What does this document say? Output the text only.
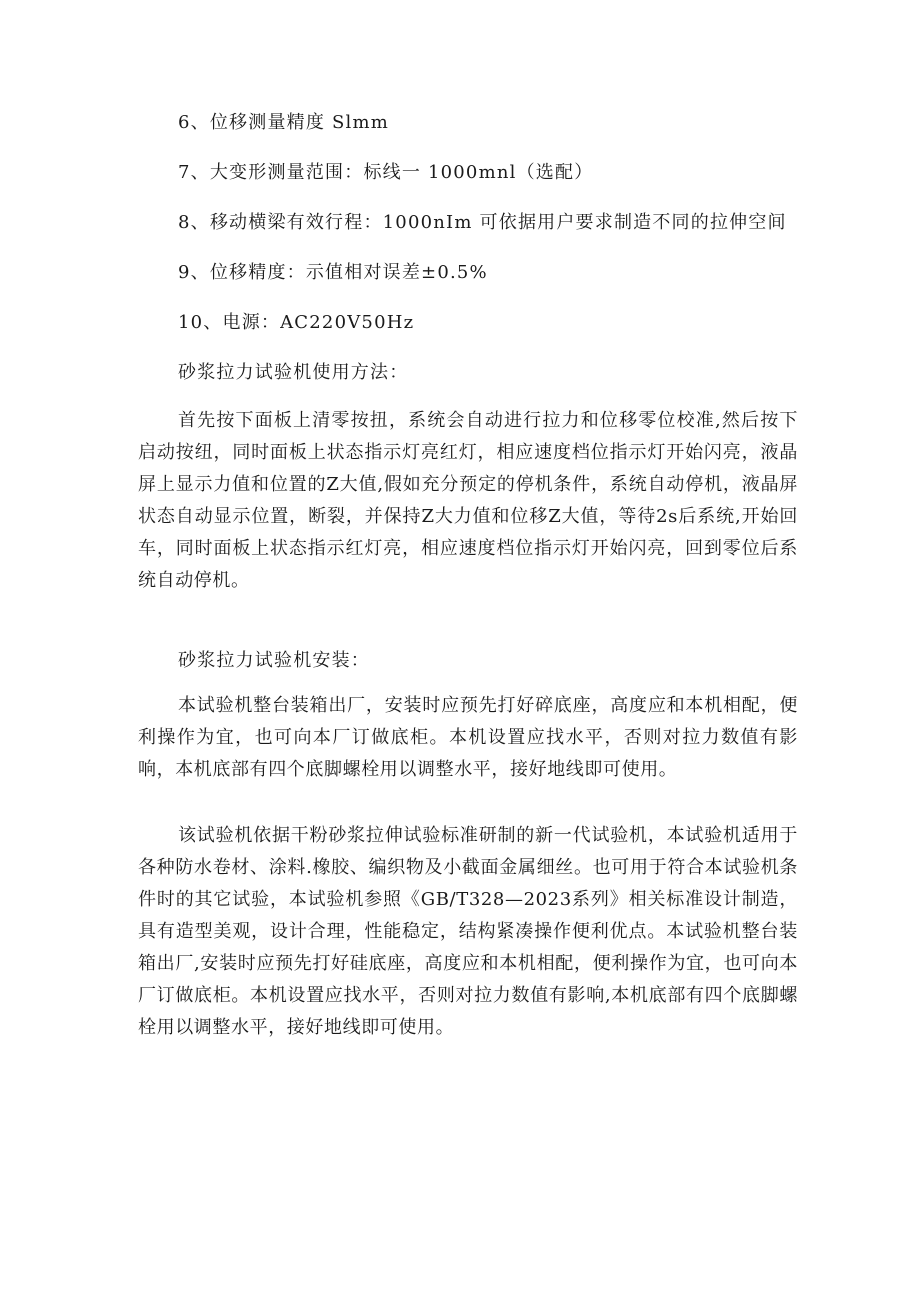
6、位移测量精度 Slmm
7、大变形测量范围：标线一 1000mnl（选配）
8、移动横梁有效行程：1000nIm 可依据用户要求制造不同的拉伸空间
9、位移精度：示值相对误差±0.5%
10、电源：AC220V50Hz
砂浆拉力试验机使用方法：
首先按下面板上清零按扭，系统会自动进行拉力和位移零位校准,然后按下启动按纽，同时面板上状态指示灯亮红灯，相应速度档位指示灯开始闪亮，液晶屏上显示力值和位置的Z大值,假如充分预定的停机条件，系统自动停机，液晶屏状态自动显示位置，断裂，并保持Z大力值和位移Z大值，等待2s后系统,开始回车，同时面板上状态指示红灯亮，相应速度档位指示灯开始闪亮，回到零位后系统自动停机。
砂浆拉力试验机安装：
本试验机整台装箱出厂，安装时应预先打好碎底座，高度应和本机相配，便利操作为宜，也可向本厂订做底柜。本机设置应找水平，否则对拉力数值有影响，本机底部有四个底脚螺栓用以调整水平，接好地线即可使用。
该试验机依据干粉砂浆拉伸试验标准研制的新一代试验机，本试验机适用于各种防水卷材、涂料.橡胶、编织物及小截面金属细丝。也可用于符合本试验机条件时的其它试验，本试验机参照《GB/T328—2023系列》相关标准设计制造，具有造型美观，设计合理，性能稳定，结构紧凑操作便利优点。本试验机整台装箱出厂,安装时应预先打好硅底座，高度应和本机相配，便利操作为宜，也可向本厂订做底柜。本机设置应找水平，否则对拉力数值有影响,本机底部有四个底脚螺栓用以调整水平，接好地线即可使用。
